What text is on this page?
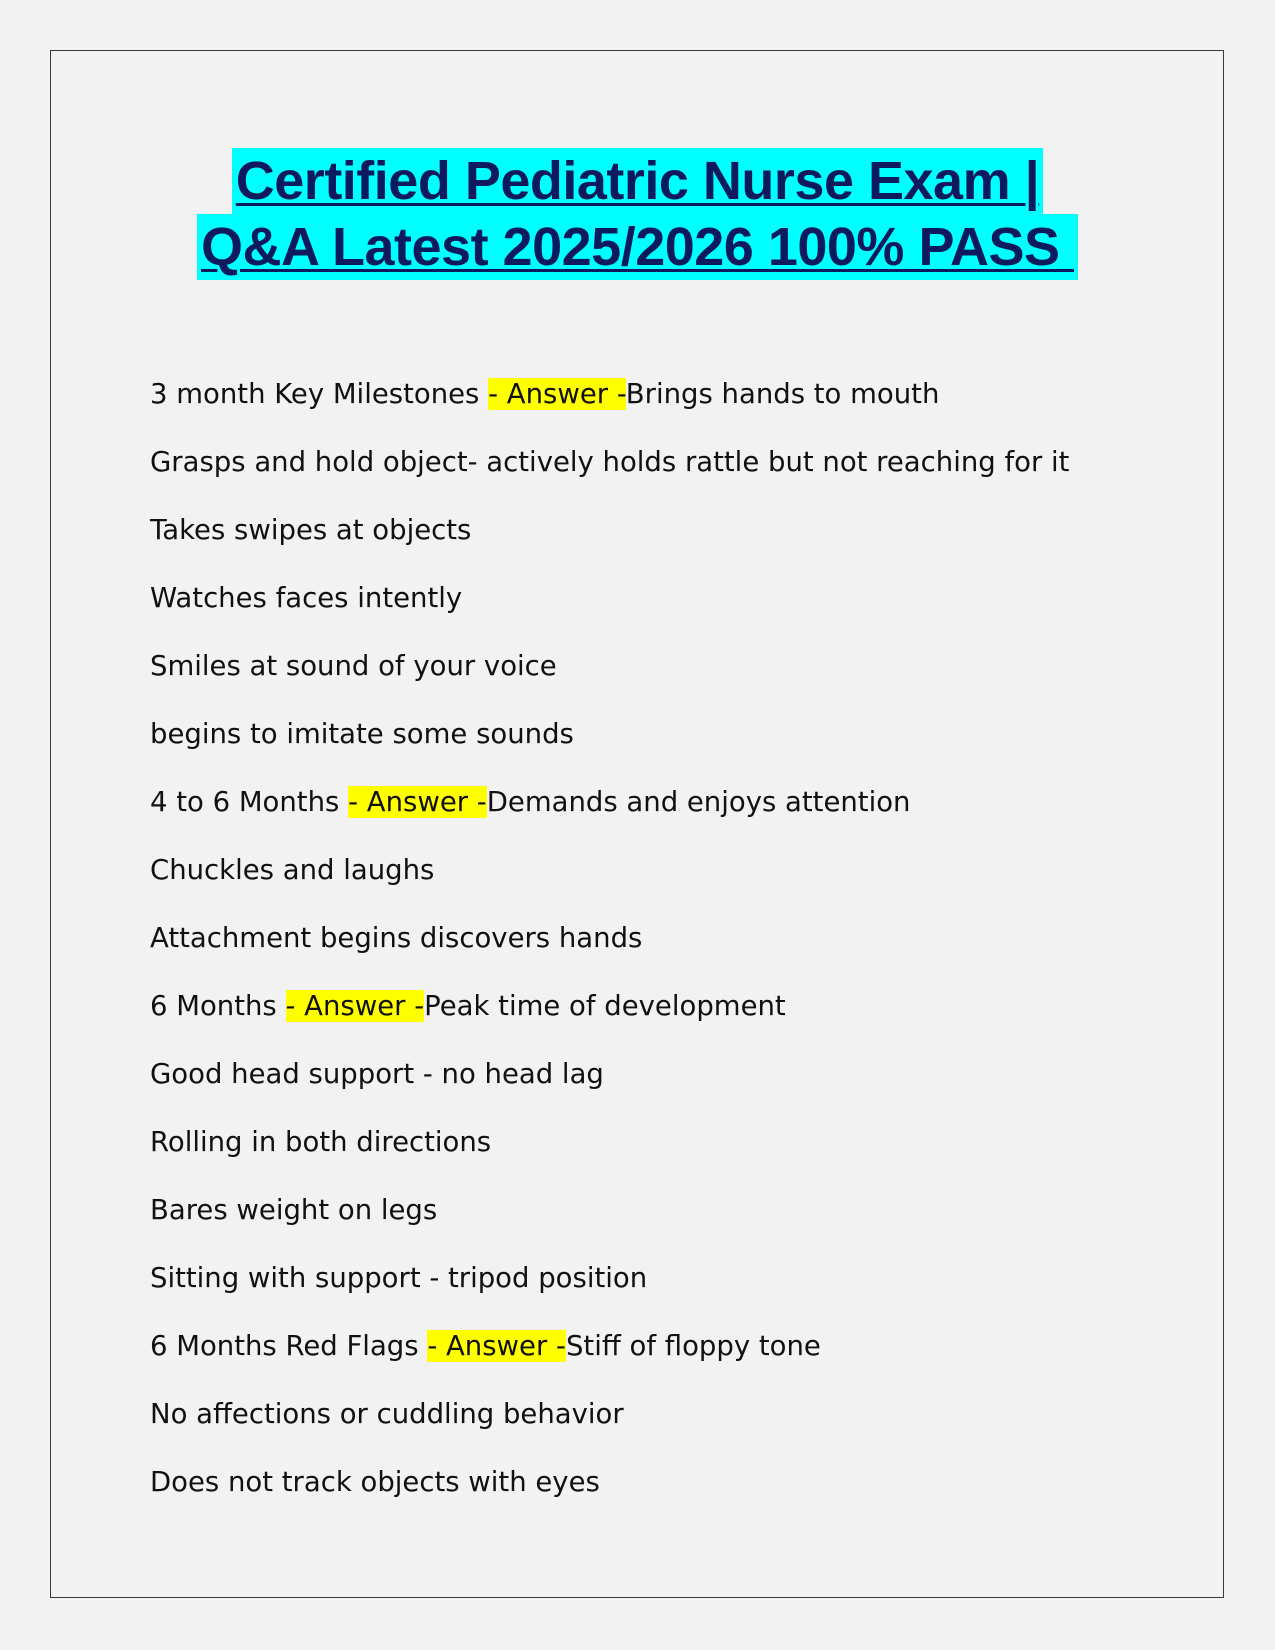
Certified Pediatric Nurse Exam |
Q&A Latest 2025/2026 100% PASS
3 month Key Milestones - Answer -Brings hands to mouth
Grasps and hold object- actively holds rattle but not reaching for it
Takes swipes at objects
Watches faces intently
Smiles at sound of your voice
begins to imitate some sounds
4 to 6 Months - Answer -Demands and enjoys attention
Chuckles and laughs
Attachment begins discovers hands
6 Months - Answer -Peak time of development
Good head support - no head lag
Rolling in both directions
Bares weight on legs
Sitting with support - tripod position
6 Months Red Flags - Answer -Stiff of floppy tone
No affections or cuddling behavior
Does not track objects with eyes
